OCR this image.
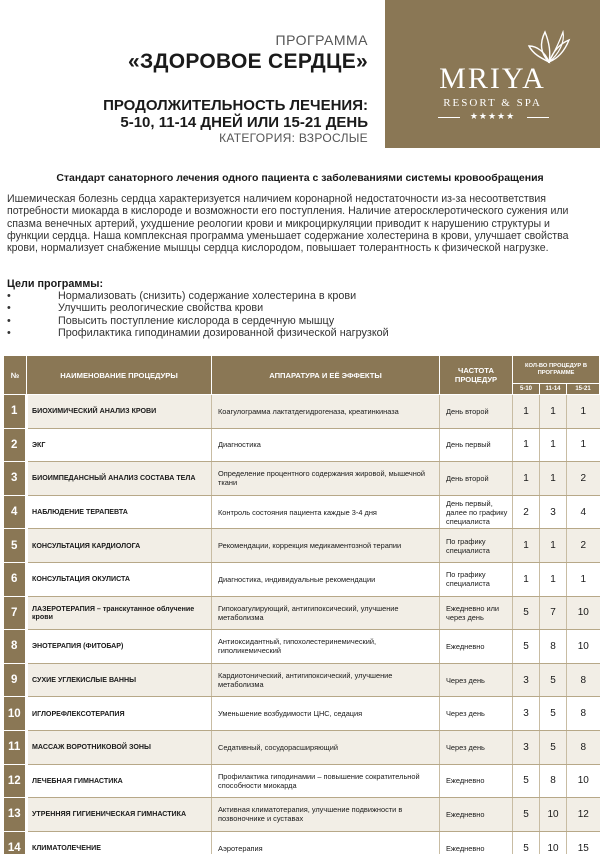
ПРОГРАММА
«ЗДОРОВОЕ СЕРДЦЕ»
ПРОДОЛЖИТЕЛЬНОСТЬ ЛЕЧЕНИЯ:
5-10, 11-14 ДНЕЙ ИЛИ 15-21 ДЕНЬ
КАТЕГОРИЯ: ВЗРОСЛЫЕ
MRIYA
RESORT & SPA
★★★★★
Стандарт санаторного лечения одного пациента с заболеваниями системы кровообращения
Ишемическая болезнь сердца характеризуется наличием коронарной недостаточности из-за несоответствия потребности миокарда в кислороде и возможности его поступления. Наличие атеросклеротического сужения или спазма венечных артерий, ухудшение реологии крови и микроциркуляции приводит к нарушению структуры и функции сердца. Наша комплексная программа уменьшает содержание холестерина в крови, улучшает свойства крови, нормализует снабжение мышцы сердца кислородом, повышает толерантность к физической нагрузке.
Цели программы:
•	Нормализовать (снизить) содержание холестерина в крови
•	Улучшить реологические свойства крови
•	Повысить поступление кислорода в сердечную мышцу
•	Профилактика гиподинамии дозированной физической нагрузкой
№	НАИМЕНОВАНИЕ ПРОЦЕДУРЫ	АППАРАТУРА И ЕЁ ЭФФЕКТЫ	ЧАСТОТА ПРОЦЕДУР	КОЛ-ВО ПРОЦЕДУР В ПРОГРАММЕ		
				5-10	11-14	15-21
1	БИОХИМИЧЕСКИЙ АНАЛИЗ КРОВИ	Коагулограмма лактатдегидрогеназа, креатинкиназа	День второй	1	1	1
2	ЭКГ	Диагностика	День первый	1	1	1
3	БИОИМПЕДАНСНЫЙ АНАЛИЗ СОСТАВА ТЕЛА	Определение процентного содержания жировой, мышечной ткани	День второй	1	1	2
4	НАБЛЮДЕНИЕ ТЕРАПЕВТА	Контроль состояния пациента каждые 3-4 дня	День первый, далее по графику специалиста	2	3	4
5	КОНСУЛЬТАЦИЯ КАРДИОЛОГА	Рекомендации, коррекция медикаментозной терапии	По графику специалиста	1	1	2
6	КОНСУЛЬТАЦИЯ ОКУЛИСТА	Диагностика, индивидуальные рекомендации	По графику специалиста	1	1	1
7	ЛАЗЕРОТЕРАПИЯ – транскутанное облучение крови	Гипокоагулирующий, антигипоксический, улучшение метаболизма	Ежедневно или через день	5	7	10
8	ЭНОТЕРАПИЯ (ФИТОБАР)	Антиоксидантный, гипохолестеринемический, гиполикемический	Ежедневно	5	8	10
9	СУХИЕ УГЛЕКИСЛЫЕ ВАННЫ	Кардиотонический, антигипоксический, улучшение метаболизма	Через день	3	5	8
10	ИГЛОРЕФЛЕКСОТЕРАПИЯ	Уменьшение возбудимости ЦНС, седация	Через день	3	5	8
11	МАССАЖ ВОРОТНИКОВОЙ ЗОНЫ	Седативный, сосудорасширяющий	Через день	3	5	8
12	ЛЕЧЕБНАЯ ГИМНАСТИКА	Профилактика гиподинамии – повышение сократительной способности миокарда	Ежедневно	5	8	10
13	УТРЕННЯЯ ГИГИЕНИЧЕСКАЯ ГИМНАСТИКА	Активная климатотерапия, улучшение подвижности в позвоночнике и суставах	Ежедневно	5	10	12
14	КЛИМАТОЛЕЧЕНИЕ	Аэротерапия	Ежедневно	5	10	15
